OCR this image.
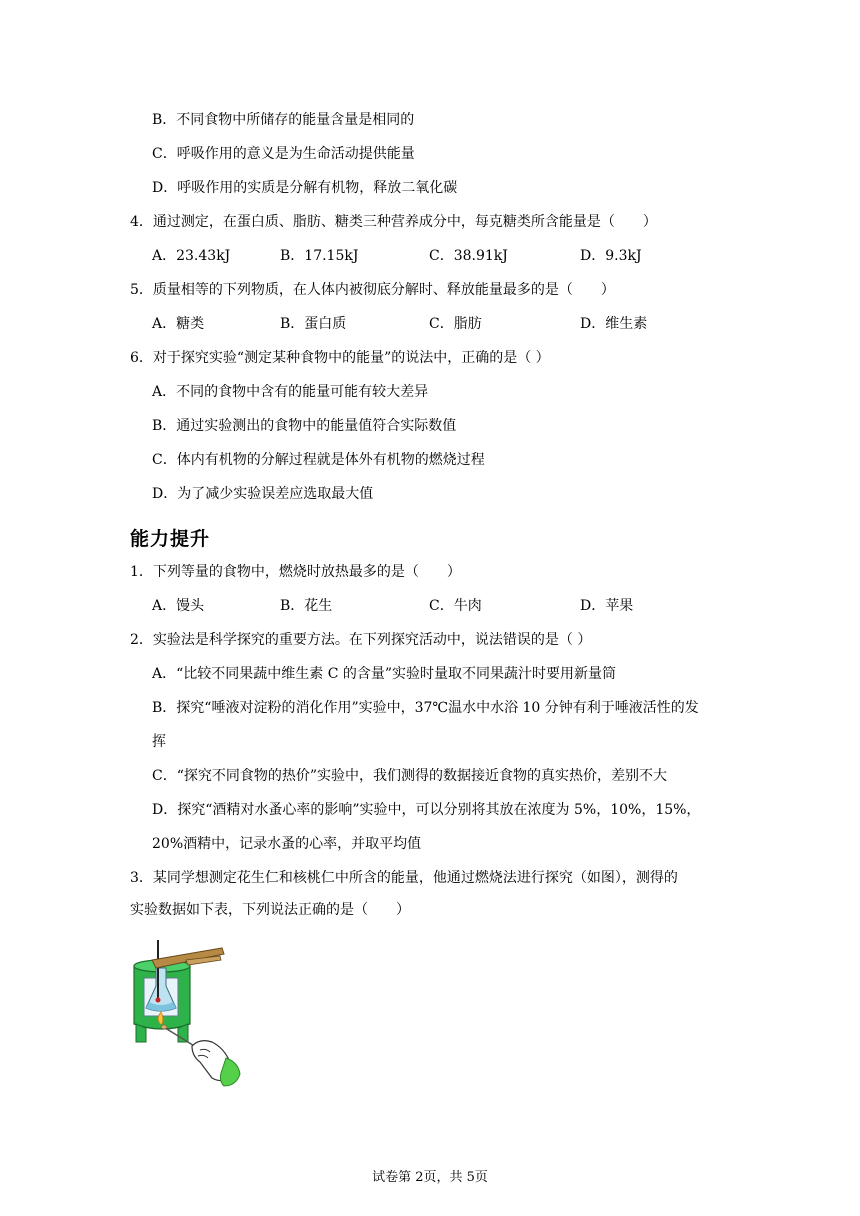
B．不同食物中所储存的能量含量是相同的
C．呼吸作用的意义是为生命活动提供能量
D．呼吸作用的实质是分解有机物，释放二氧化碳
4．通过测定，在蛋白质、脂肪、糖类三种营养成分中，每克糖类所含能量是（　　）
A．23.43kJ	B．17.15kJ	C．38.91kJ	D．9.3kJ
5．质量相等的下列物质，在人体内被彻底分解时、释放能量最多的是（　　）
A．糖类	B．蛋白质	C．脂肪	D．维生素
6．对于探究实验“测定某种食物中的能量”的说法中，正确的是（ ）
A．不同的食物中含有的能量可能有较大差异
B．通过实验测出的食物中的能量值符合实际数值
C．体内有机物的分解过程就是体外有机物的燃烧过程
D．为了减少实验误差应选取最大值
能力提升
1．下列等量的食物中，燃烧时放热最多的是（　　）
A．馒头	B．花生	C．牛肉	D．苹果
2．实验法是科学探究的重要方法。在下列探究活动中，说法错误的是（ ）
A．“比较不同果蔬中维生素 C 的含量”实验时量取不同果蔬汁时要用新量筒
B．探究“唾液对淀粉的消化作用”实验中，37℃温水中水浴 10 分钟有利于唾液活性的发
挥
C．“探究不同食物的热价”实验中，我们测得的数据接近食物的真实热价，差别不大
D．探究“酒精对水蚤心率的影响”实验中，可以分别将其放在浓度为 5%，10%，15%，
20%酒精中，记录水蚤的心率，并取平均值
3．某同学想测定花生仁和核桃仁中所含的能量，他通过燃烧法进行探究（如图），测得的
实验数据如下表，下列说法正确的是（　　）
试卷第 2页，共 5页
